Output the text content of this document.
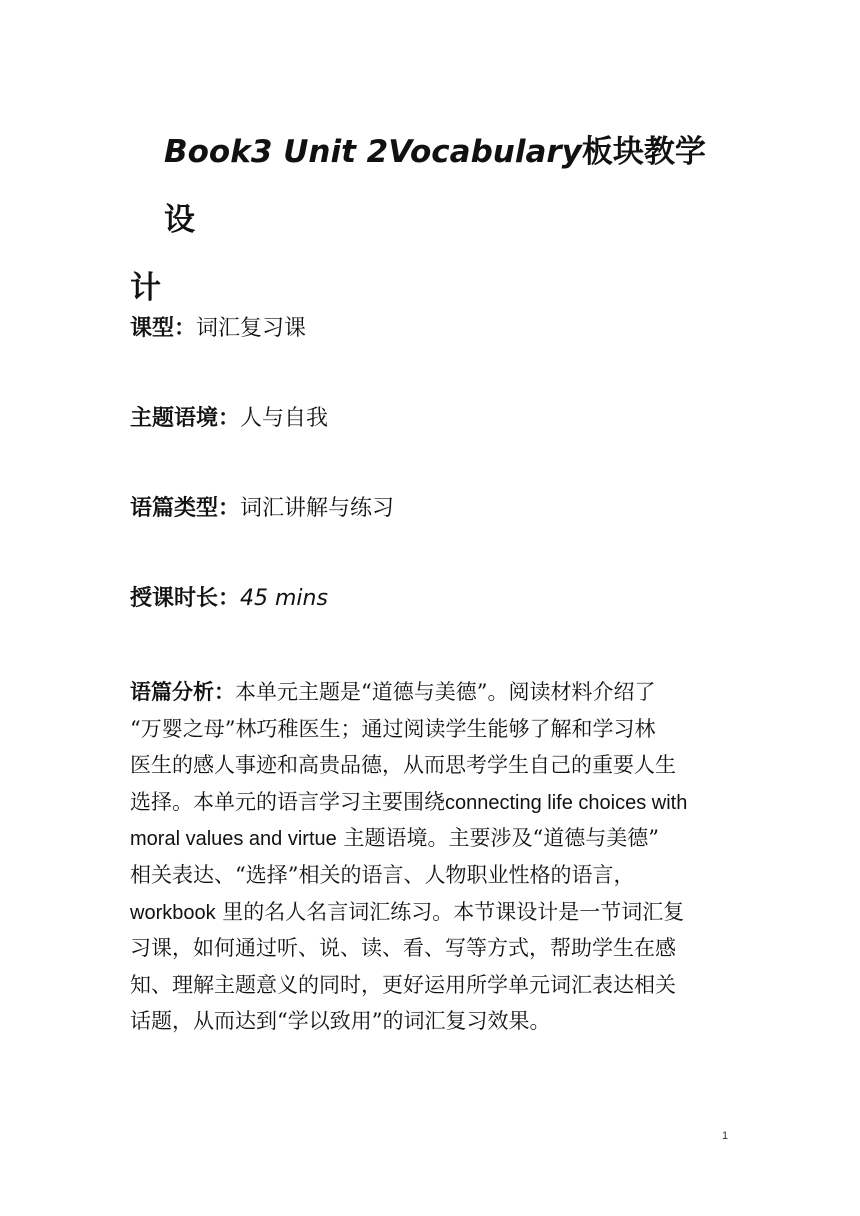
Book3 Unit 2Vocabulary板块教学设
计
课型：词汇复习课
主题语境：人与自我
语篇类型：词汇讲解与练习
授课时长：45 mins
语篇分析：本单元主题是“道德与美德”。阅读材料介绍了
“万婴之母”林巧稚医生；通过阅读学生能够了解和学习林
医生的感人事迹和高贵品德，从而思考学生自己的重要人生
选择。本单元的语言学习主要围绕connecting life choices with
moral values and virtue 主题语境。主要涉及“道德与美德”
相关表达、“选择”相关的语言、人物职业性格的语言，
workbook 里的名人名言词汇练习。本节课设计是一节词汇复
习课，如何通过听、说、读、看、写等方式，帮助学生在感
知、理解主题意义的同时，更好运用所学单元词汇表达相关
话题，从而达到“学以致用”的词汇复习效果。
1
